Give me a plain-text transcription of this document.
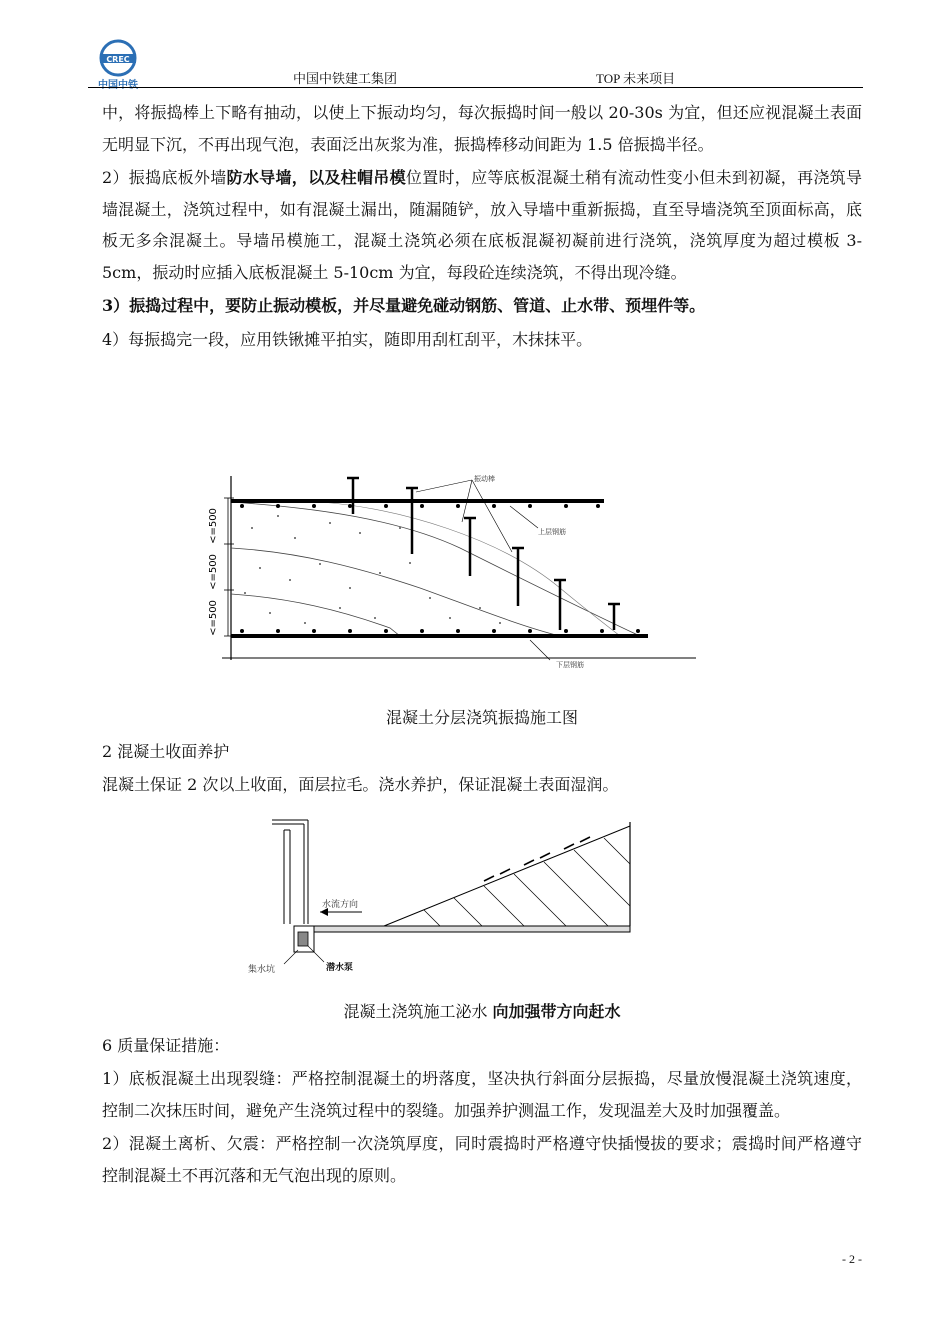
CREC
中国中铁	中国中铁建工集团	TOP 未来项目

中，将振捣棒上下略有抽动，以使上下振动均匀，每次振捣时间一般以 20-30s 为宜，但还应视混凝土表面无明显下沉，不再出现气泡，表面泛出灰浆为准，振捣棒移动间距为 1.5 倍振捣半径。

2）振捣底板外墙防水导墙，以及柱帽吊模位置时，应等底板混凝土稍有流动性变小但未到初凝，再浇筑导墙混凝土，浇筑过程中，如有混凝土漏出，随漏随铲，放入导墙中重新振捣，直至导墙浇筑至顶面标高，底板无多余混凝土。导墙吊模施工，混凝土浇筑必须在底板混凝初凝前进行浇筑，浇筑厚度为超过模板 3-5cm，振动时应插入底板混凝土 5-10cm 为宜，每段砼连续浇筑，不得出现冷缝。

3）振捣过程中，要防止振动模板，并尽量避免碰动钢筋、管道、止水带、预埋件等。

4）每振捣完一段，应用铁锹摊平拍实，随即用刮杠刮平，木抹抹平。

<=500
<=500
<=500
振动棒
上层钢筋
下层钢筋

混凝土分层浇筑振捣施工图

2 混凝土收面养护

混凝土保证 2 次以上收面，面层拉毛。浇水养护，保证混凝土表面湿润。

水流方向
集水坑	潜水泵

混凝土浇筑施工泌水 向加强带方向赶水

6 质量保证措施：

1）底板混凝土出现裂缝：严格控制混凝土的坍落度，坚决执行斜面分层振捣，尽量放慢混凝土浇筑速度，控制二次抹压时间，避免产生浇筑过程中的裂缝。加强养护测温工作，发现温差大及时加强覆盖。

2）混凝土离析、欠震：严格控制一次浇筑厚度，同时震捣时严格遵守快插慢拔的要求；震捣时间严格遵守控制混凝土不再沉落和无气泡出现的原则。

- 2 -
